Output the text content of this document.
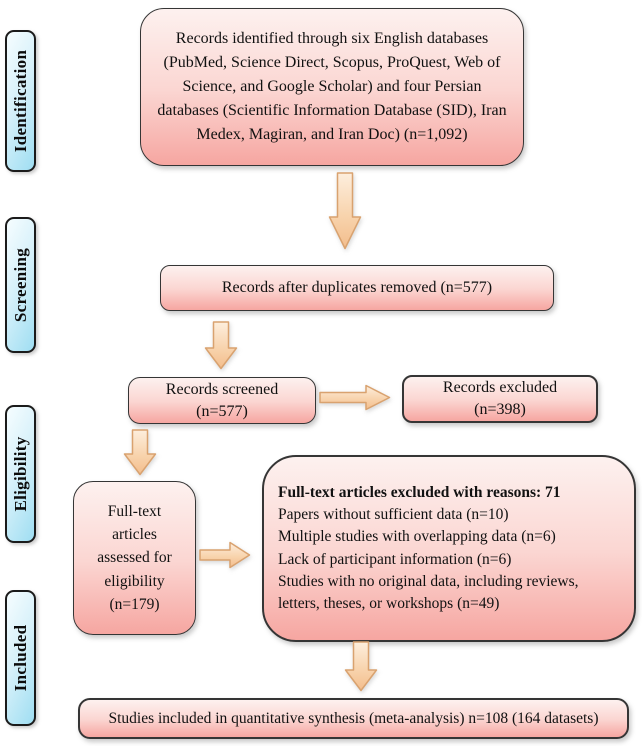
Identification
Screening
Eligibility
Included
Records identified through six English databases (PubMed, Science Direct, Scopus, ProQuest, Web of Science, and Google Scholar) and four Persian databases (Scientific Information Database (SID), Iran Medex, Magiran, and Iran Doc) (n=1,092)
Records after duplicates removed (n=577)
Records screened
(n=577)
Records excluded
(n=398)
Full-text articles assessed for eligibility (n=179)
Full-text articles excluded with reasons: 71
Papers without sufficient data (n=10)
Multiple studies with overlapping data (n=6)
Lack of participant information (n=6)
Studies with no original data, including reviews, letters, theses, or workshops (n=49)
Studies included in quantitative synthesis (meta-analysis) n=108 (164 datasets)
